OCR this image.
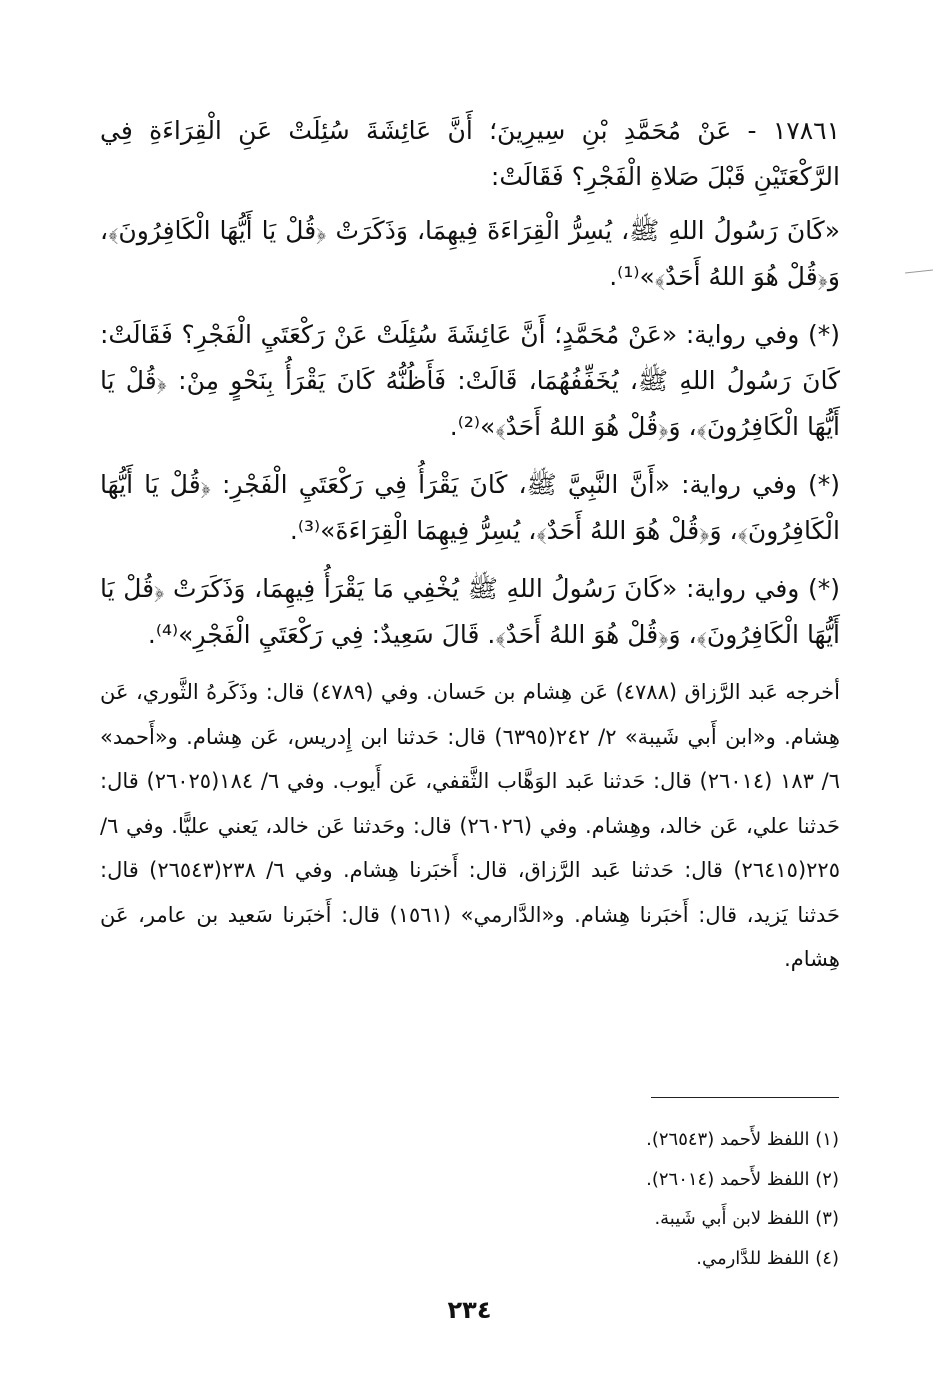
١٧٨٦١ - عَنْ مُحَمَّدِ بْنِ سِيرِينَ؛ أَنَّ عَائِشَةَ سُئِلَتْ عَنِ الْقِرَاءَةِ فِي الرَّكْعَتَيْنِ قَبْلَ صَلاةِ الْفَجْرِ؟ فَقَالَتْ:

«كَانَ رَسُولُ اللهِ ﷺ، يُسِرُّ الْقِرَاءَةَ فِيهِمَا، وَذَكَرَتْ ﴿قُلْ يَا أَيُّهَا الْكَافِرُونَ﴾، وَ﴿قُلْ هُوَ اللهُ أَحَدٌ﴾»⁽¹⁾.

(*) وفي رواية: «عَنْ مُحَمَّدٍ؛ أَنَّ عَائِشَةَ سُئِلَتْ عَنْ رَكْعَتَيِ الْفَجْرِ؟ فَقَالَتْ: كَانَ رَسُولُ اللهِ ﷺ، يُخَفِّفُهُمَا، قَالَتْ: فَأَظُنُّهُ كَانَ يَقْرَأُ بِنَحْوٍ مِنْ: ﴿قُلْ يَا أَيُّهَا الْكَافِرُونَ﴾، وَ﴿قُلْ هُوَ اللهُ أَحَدٌ﴾»⁽²⁾.

(*) وفي رواية: «أَنَّ النَّبِيَّ ﷺ، كَانَ يَقْرَأُ فِي رَكْعَتَيِ الْفَجْرِ: ﴿قُلْ يَا أَيُّهَا الْكَافِرُونَ﴾، وَ﴿قُلْ هُوَ اللهُ أَحَدٌ﴾، يُسِرُّ فِيهِمَا الْقِرَاءَةَ»⁽³⁾.

(*) وفي رواية: «كَانَ رَسُولُ اللهِ ﷺ يُخْفِي مَا يَقْرَأُ فِيهِمَا، وَذَكَرَتْ ﴿قُلْ يَا أَيُّهَا الْكَافِرُونَ﴾، وَ﴿قُلْ هُوَ اللهُ أَحَدٌ﴾. قَالَ سَعِيدٌ: فِي رَكْعَتَيِ الْفَجْرِ»⁽⁴⁾.

أخرجه عَبد الرَّزاق (٤٧٨٨) عَن هِشام بن حَسان. وفي (٤٧٨٩) قال: وذَكَرهُ الثَّوري، عَن هِشام. و«ابن أَبي شَيبة» ٢/ ٢٤٢(٦٣٩٥) قال: حَدثنا ابن إِدريس، عَن هِشام. و«أَحمد» ٦/ ١٨٣ (٢٦٠١٤) قال: حَدثنا عَبد الوَهَّاب الثَّقفي، عَن أَيوب. وفي ٦/ ١٨٤(٢٦٠٢٥) قال: حَدثنا علي، عَن خالد، وهِشام. وفي (٢٦٠٢٦) قال: وحَدثنا عَن خالد، يَعني عليًّا. وفي ٦/ ٢٢٥(٢٦٤١٥) قال: حَدثنا عَبد الرَّزاق، قال: أَخبَرنا هِشام. وفي ٦/ ٢٣٨(٢٦٥٤٣) قال: حَدثنا يَزيد، قال: أَخبَرنا هِشام. و«الدَّارمي» (١٥٦١) قال: أَخبَرنا سَعيد بن عامر، عَن هِشام.

(١) اللفظ لأَحمد (٢٦٥٤٣).

(٢) اللفظ لأَحمد (٢٦٠١٤).

(٣) اللفظ لابن أَبي شَيبة.

(٤) اللفظ للدَّارمي.

٢٣٤
